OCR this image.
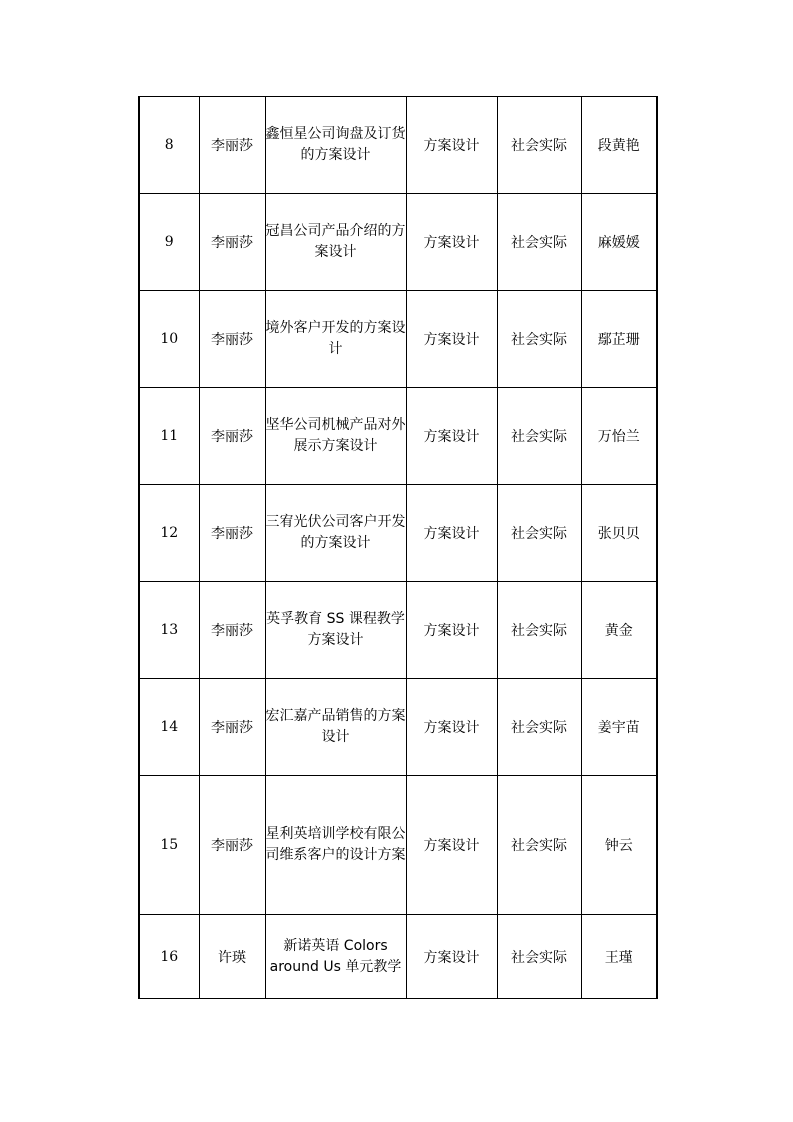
8	李丽莎	鑫恒星公司询盘及订货的方案设计	方案设计	社会实际	段黄艳
9	李丽莎	冠昌公司产品介绍的方案设计	方案设计	社会实际	麻媛媛
10	李丽莎	境外客户开发的方案设计	方案设计	社会实际	鄢芷珊
11	李丽莎	坚华公司机械产品对外展示方案设计	方案设计	社会实际	万怡兰
12	李丽莎	三宥光伏公司客户开发的方案设计	方案设计	社会实际	张贝贝
13	李丽莎	英孚教育 SS 课程教学方案设计	方案设计	社会实际	黄金
14	李丽莎	宏汇嘉产品销售的方案设计	方案设计	社会实际	姜宇苗
15	李丽莎	星利英培训学校有限公司维系客户的设计方案	方案设计	社会实际	钟云
16	许瑛	新诺英语 Colors around Us 单元教学	方案设计	社会实际	王瑾
